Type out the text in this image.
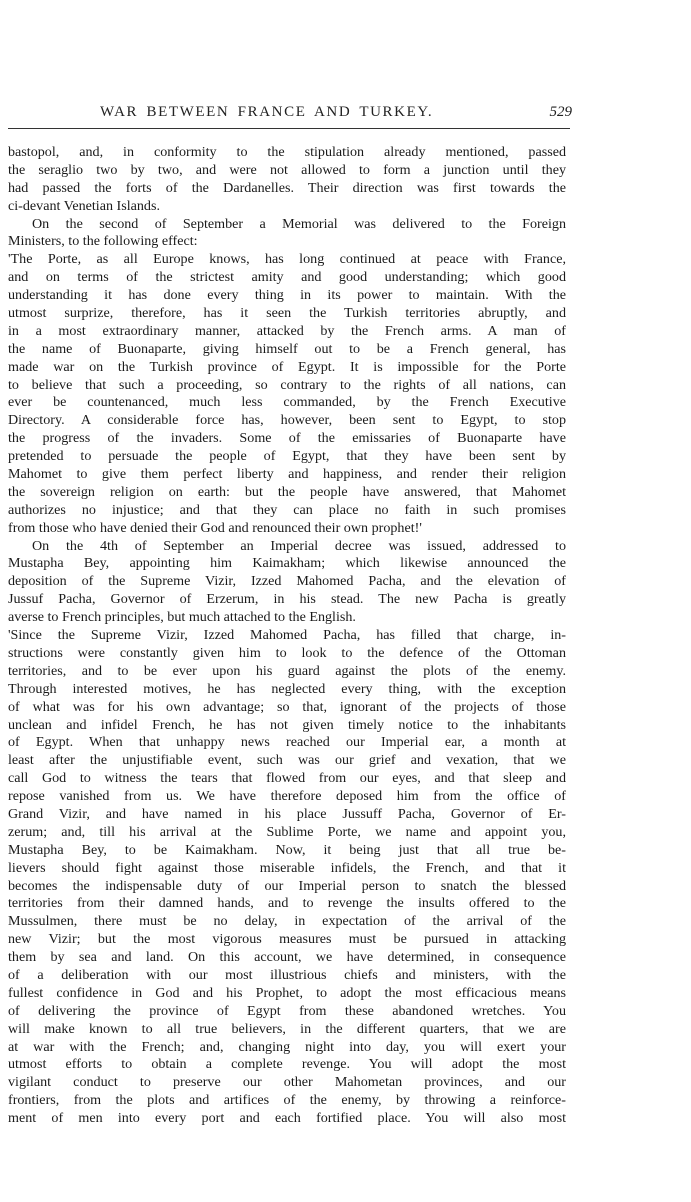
WAR BETWEEN FRANCE AND TURKEY.	529
bastopol, and, in conformity to the stipulation already mentioned, passed
the seraglio two by two, and were not allowed to form a junction until they
had passed the forts of the Dardanelles. Their direction was first towards the
ci-devant Venetian Islands.
On the second of September a Memorial was delivered to the Foreign
Ministers, to the following effect:
'The Porte, as all Europe knows, has long continued at peace with France,
and on terms of the strictest amity and good understanding; which good
understanding it has done every thing in its power to maintain. With the
utmost surprize, therefore, has it seen the Turkish territories abruptly, and
in a most extraordinary manner, attacked by the French arms. A man of
the name of Buonaparte, giving himself out to be a French general, has
made war on the Turkish province of Egypt. It is impossible for the Porte
to believe that such a proceeding, so contrary to the rights of all nations, can
ever be countenanced, much less commanded, by the French Executive
Directory. A considerable force has, however, been sent to Egypt, to stop
the progress of the invaders. Some of the emissaries of Buonaparte have
pretended to persuade the people of Egypt, that they have been sent by
Mahomet to give them perfect liberty and happiness, and render their religion
the sovereign religion on earth: but the people have answered, that Mahomet
authorizes no injustice; and that they can place no faith in such promises
from those who have denied their God and renounced their own prophet!'
On the 4th of September an Imperial decree was issued, addressed to
Mustapha Bey, appointing him Kaimakham; which likewise announced the
deposition of the Supreme Vizir, Izzed Mahomed Pacha, and the elevation of
Jussuf Pacha, Governor of Erzerum, in his stead. The new Pacha is greatly
averse to French principles, but much attached to the English.
'Since the Supreme Vizir, Izzed Mahomed Pacha, has filled that charge, in-
structions were constantly given him to look to the defence of the Ottoman
territories, and to be ever upon his guard against the plots of the enemy.
Through interested motives, he has neglected every thing, with the exception
of what was for his own advantage; so that, ignorant of the projects of those
unclean and infidel French, he has not given timely notice to the inhabitants
of Egypt. When that unhappy news reached our Imperial ear, a month at
least after the unjustifiable event, such was our grief and vexation, that we
call God to witness the tears that flowed from our eyes, and that sleep and
repose vanished from us. We have therefore deposed him from the office of
Grand Vizir, and have named in his place Jussuff Pacha, Governor of Er-
zerum; and, till his arrival at the Sublime Porte, we name and appoint you,
Mustapha Bey, to be Kaimakham. Now, it being just that all true be-
lievers should fight against those miserable infidels, the French, and that it
becomes the indispensable duty of our Imperial person to snatch the blessed
territories from their damned hands, and to revenge the insults offered to the
Mussulmen, there must be no delay, in expectation of the arrival of the
new Vizir; but the most vigorous measures must be pursued in attacking
them by sea and land. On this account, we have determined, in consequence
of a deliberation with our most illustrious chiefs and ministers, with the
fullest confidence in God and his Prophet, to adopt the most efficacious means
of delivering the province of Egypt from these abandoned wretches. You
will make known to all true believers, in the different quarters, that we are
at war with the French; and, changing night into day, you will exert your
utmost efforts to obtain a complete revenge. You will adopt the most
vigilant conduct to preserve our other Mahometan provinces, and our
frontiers, from the plots and artifices of the enemy, by throwing a reinforce-
ment of men into every port and each fortified place. You will also most
